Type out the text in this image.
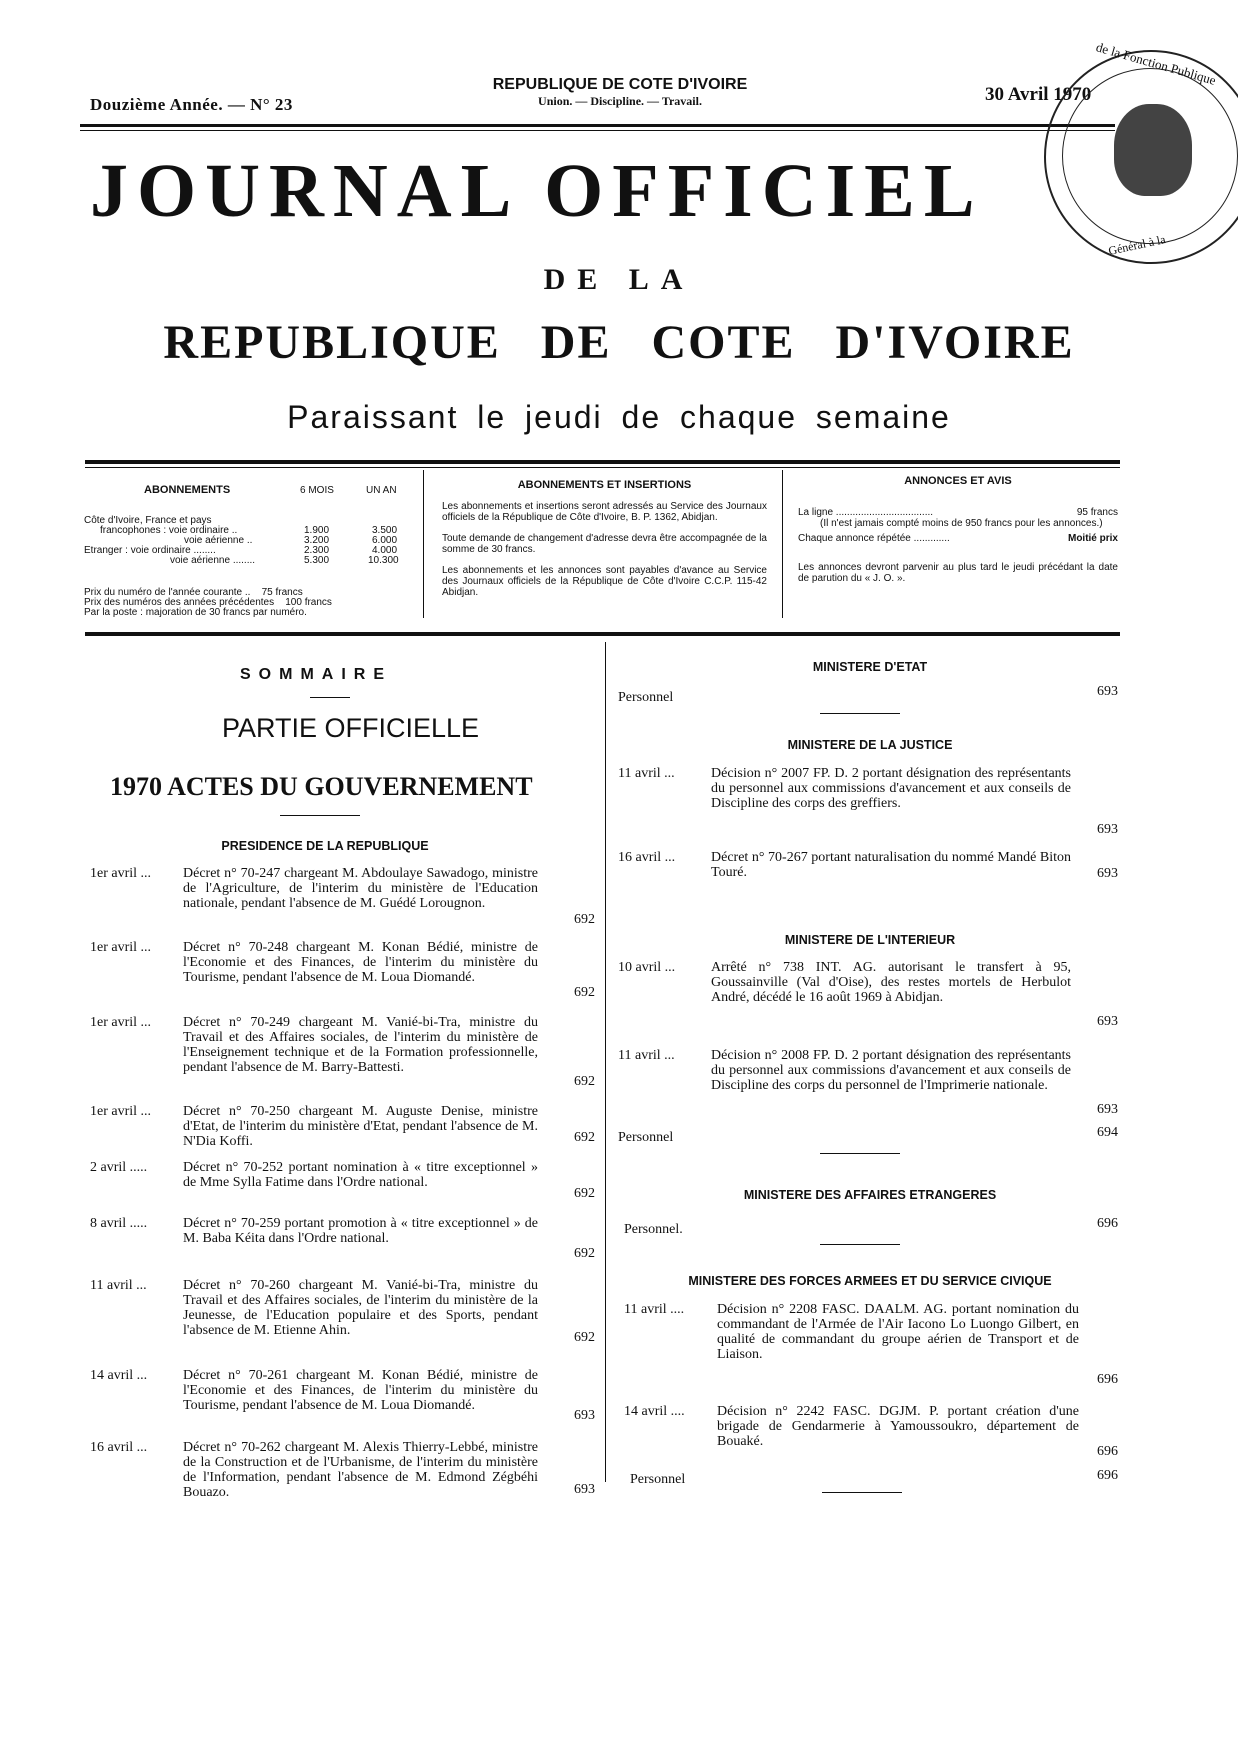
Douzième Année. — N° 23
REPUBLIQUE DE COTE D'IVOIRE
Union. — Discipline. — Travail.	30 Avril 1970
de la Fonction Publique
Général à la
JOURNAL OFFICIEL
DE LA
REPUBLIQUE DE COTE D'IVOIRE
Paraissant le jeudi de chaque semaine
ABONNEMENTS	6 MOIS	UN AN
Côte d'Ivoire, France et pays
francophones : voie ordinaire ..	1.900	3.500
voie aérienne ..	3.200	6.000
Etranger : voie ordinaire ........	2.300	4.000
voie aérienne ........	5.300	10.300
Prix du numéro de l'année courante ..    75 francs
Prix des numéros des années précédentes    100 francs
Par la poste : majoration de 30 francs par numéro.
ABONNEMENTS ET INSERTIONS
Les abonnements et insertions seront adressés au Service des Journaux officiels de la République de Côte d'Ivoire, B. P. 1362, Abidjan.
Toute demande de changement d'adresse devra être accompagnée de la somme de 30 francs.
Les abonnements et les annonces sont payables d'avance au Service des Journaux officiels de la République de Côte d'Ivoire C.C.P. 115-42 Abidjan.
ANNONCES ET AVIS
La ligne ...................................	95 francs
(Il n'est jamais compté moins de 950 francs pour les annonces.)
Chaque annonce répétée .............	Moitié prix
Les annonces devront parvenir au plus tard le jeudi précédant la date de parution du « J. O. ».
SOMMAIRE
PARTIE OFFICIELLE
1970 ACTES DU GOUVERNEMENT
PRESIDENCE DE LA REPUBLIQUE
1er avril ... Décret n° 70-247 chargeant M. Abdoulaye Sawadogo, ministre de l'Agriculture, de l'interim du ministère de l'Education nationale, pendant l'absence de M. Guédé Lorougnon.
692
1er avril ... Décret n° 70-248 chargeant M. Konan Bédié, ministre de l'Economie et des Finances, de l'interim du ministère du Tourisme, pendant l'absence de M. Loua Diomandé.
692
1er avril ... Décret n° 70-249 chargeant M. Vanié-bi-Tra, ministre du Travail et des Affaires sociales, de l'interim du ministère de l'Enseignement technique et de la Formation professionnelle, pendant l'absence de M. Barry-Battesti.
692
1er avril ... Décret n° 70-250 chargeant M. Auguste Denise, ministre d'Etat, de l'interim du ministère d'Etat, pendant l'absence de M. N'Dia Koffi.	692
2 avril .....	Décret n° 70-252 portant nomination à « titre exceptionnel » de Mme Sylla Fatime dans l'Ordre national.
692
8 avril .....	Décret n° 70-259 portant promotion à « titre exceptionnel » de M. Baba Kéita dans l'Ordre national.
692
11 avril ...	Décret n° 70-260 chargeant M. Vanié-bi-Tra, ministre du Travail et des Affaires sociales, de l'interim du ministère de la Jeunesse, de l'Education populaire et des Sports, pendant l'absence de M. Etienne Ahin.	692
14 avril ...	Décret n° 70-261 chargeant M. Konan Bédié, ministre de l'Economie et des Finances, de l'interim du ministère du Tourisme, pendant l'absence de M. Loua Diomandé.
693
16 avril ...	Décret n° 70-262 chargeant M. Alexis Thierry-Lebbé, ministre de la Construction et de l'Urbanisme, de l'interim du ministère de l'Information, pendant l'absence de M. Edmond Zégbéhi Bouazo.	693
MINISTERE D'ETAT
Personnel	693
MINISTERE DE LA JUSTICE
11 avril ...	Décision n° 2007 FP. D. 2 portant désignation des représentants du personnel aux commissions d'avancement et aux conseils de Discipline des corps des greffiers.
693
16 avril ...	Décret n° 70-267 portant naturalisation du nommé Mandé Biton Touré.	693
MINISTERE DE L'INTERIEUR
10 avril ...	Arrêté n° 738 INT. AG. autorisant le transfert à 95, Goussainville (Val d'Oise), des restes mortels de Herbulot André, décédé le 16 août 1969 à Abidjan.
693
11 avril ...	Décision n° 2008 FP. D. 2 portant désignation des représentants du personnel aux commissions d'avancement et aux conseils de Discipline des corps du personnel de l'Imprimerie nationale.
693
Personnel	694
MINISTERE DES AFFAIRES ETRANGERES
Personnel.	696
MINISTERE DES FORCES ARMEES ET DU SERVICE CIVIQUE
11 avril .... Décision n° 2208 FASC. DAALM. AG. portant nomination du commandant de l'Armée de l'Air Iacono Lo Luongo Gilbert, en qualité de commandant du groupe aérien de Transport et de Liaison.
696
14 avril .... Décision n° 2242 FASC. DGJM. P. portant création d'une brigade de Gendarmerie à Yamoussoukro, département de Bouaké.
696
Personnel	696
